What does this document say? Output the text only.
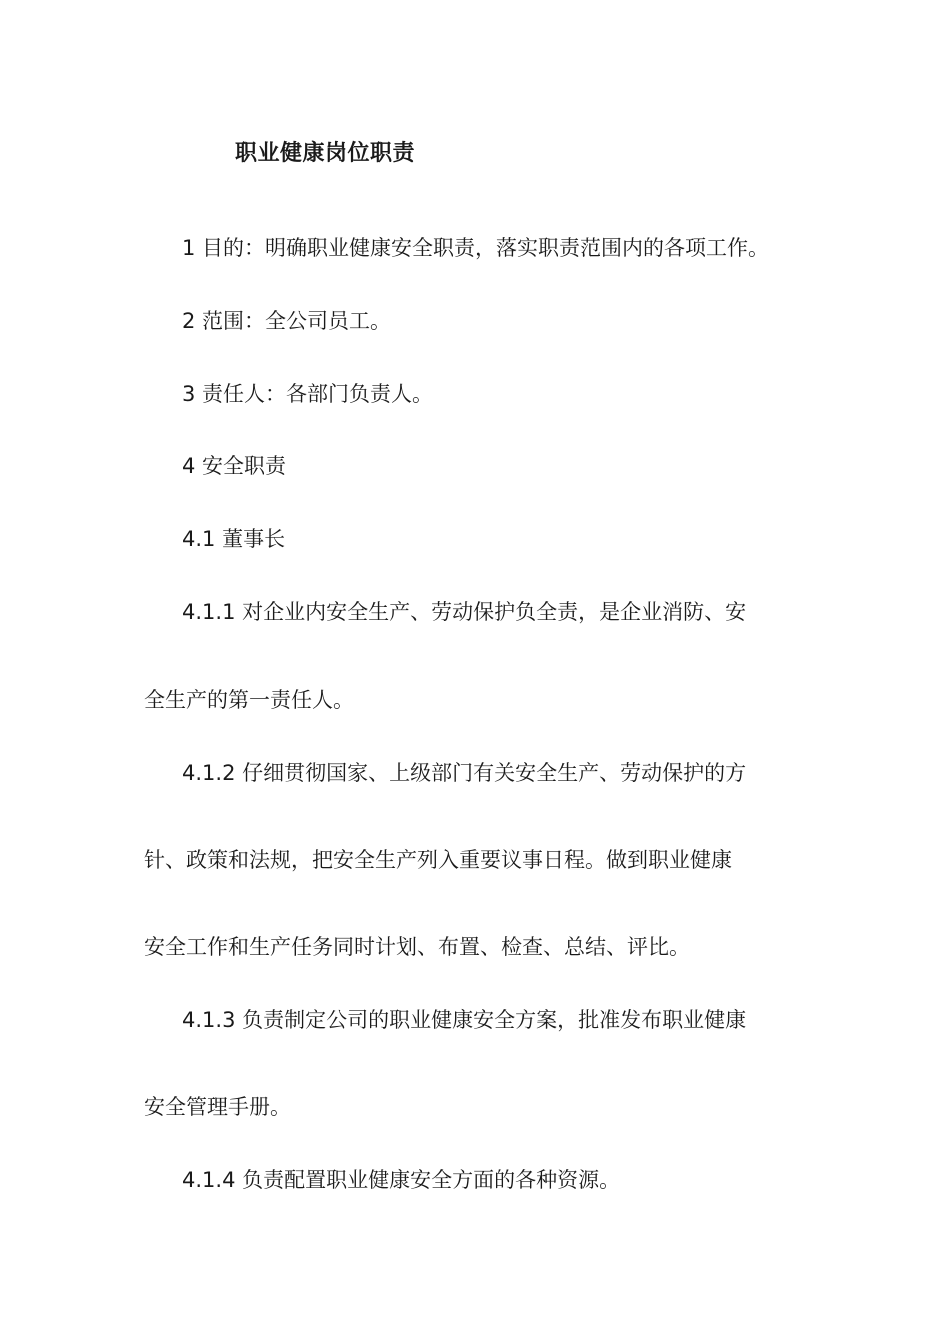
职业健康岗位职责
1 目的：明确职业健康安全职责，落实职责范围内的各项工作。
2 范围：全公司员工。
3 责任人：各部门负责人。
4 安全职责
4.1 董事长
4.1.1 对企业内安全生产、劳动保护负全责，是企业消防、安
全生产的第一责任人。
4.1.2 仔细贯彻国家、上级部门有关安全生产、劳动保护的方
针、政策和法规，把安全生产列入重要议事日程。做到职业健康
安全工作和生产任务同时计划、布置、检查、总结、评比。
4.1.3 负责制定公司的职业健康安全方案，批准发布职业健康
安全管理手册。
4.1.4 负责配置职业健康安全方面的各种资源。
